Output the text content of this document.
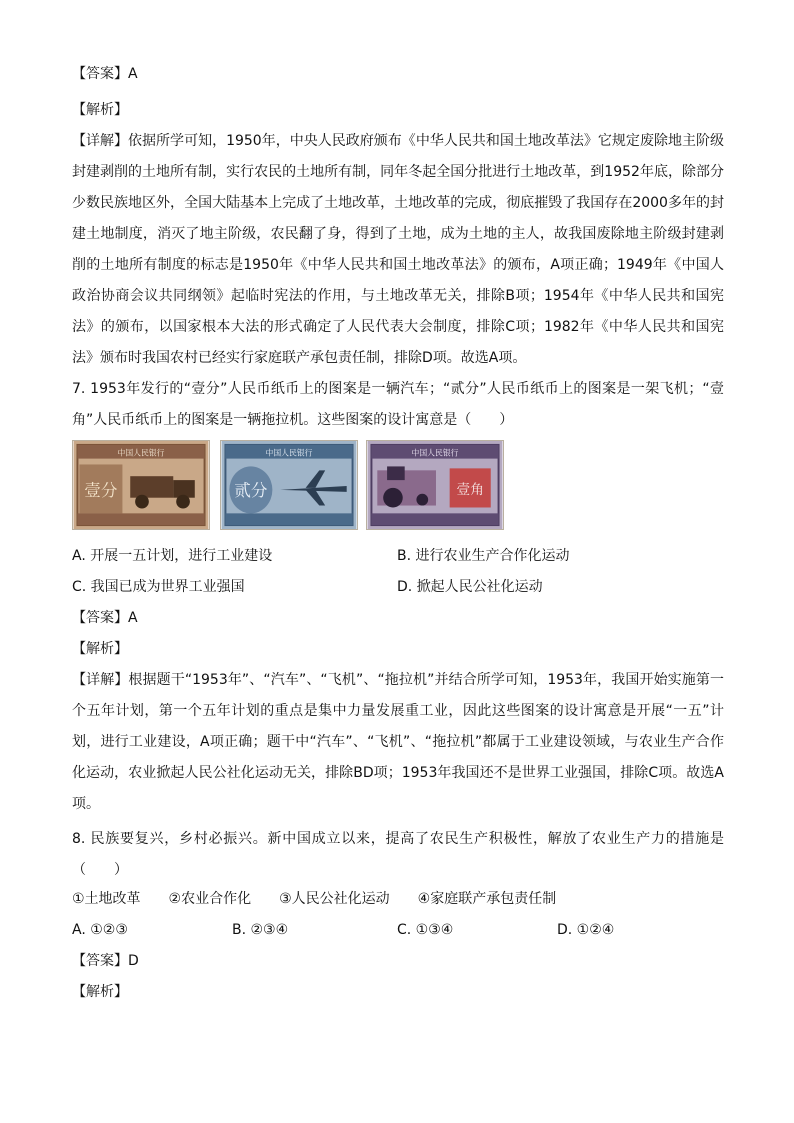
【答案】A
【解析】
【详解】依据所学可知，1950年，中央人民政府颁布《中华人民共和国土地改革法》它规定废除地主阶级封建剥削的土地所有制，实行农民的土地所有制，同年冬起全国分批进行土地改革，到1952年底，除部分少数民族地区外，全国大陆基本上完成了土地改革，土地改革的完成，彻底摧毁了我国存在2000多年的封建土地制度，消灭了地主阶级，农民翻了身，得到了土地，成为土地的主人，故我国废除地主阶级封建剥削的土地所有制度的标志是1950年《中华人民共和国土地改革法》的颁布，A项正确；1949年《中国人政治协商会议共同纲领》起临时宪法的作用，与土地改革无关，排除B项；1954年《中华人民共和国宪法》的颁布，以国家根本大法的形式确定了人民代表大会制度，排除C项；1982年《中华人民共和国宪法》颁布时我国农村已经实行家庭联产承包责任制，排除D项。故选A项。
7. 1953年发行的“壹分”人民币纸币上的图案是一辆汽车；“贰分”人民币纸币上的图案是一架飞机；“壹角”人民币纸币上的图案是一辆拖拉机。这些图案的设计寓意是（　　）
中国人民银行
壹分
中国人民银行
贰分
中国人民银行
壹角
A. 开展一五计划，进行工业建设	B. 进行农业生产合作化运动
C. 我国已成为世界工业强国	D. 掀起人民公社化运动
【答案】A
【解析】
【详解】根据题干“1953年”、“汽车”、“飞机”、“拖拉机”并结合所学可知，1953年，我国开始实施第一个五年计划，第一个五年计划的重点是集中力量发展重工业，因此这些图案的设计寓意是开展“一五”计划，进行工业建设，A项正确；题干中“汽车”、“飞机”、“拖拉机”都属于工业建设领域，与农业生产合作化运动，农业掀起人民公社化运动无关，排除BD项；1953年我国还不是世界工业强国，排除C项。故选A项。
8. 民族要复兴，乡村必振兴。新中国成立以来，提高了农民生产积极性，解放了农业生产力的措施是（　　）
①土地改革　　②农业合作化　　③人民公社化运动　　④家庭联产承包责任制
A. ①②③	B. ②③④	C. ①③④	D. ①②④
【答案】D
【解析】
